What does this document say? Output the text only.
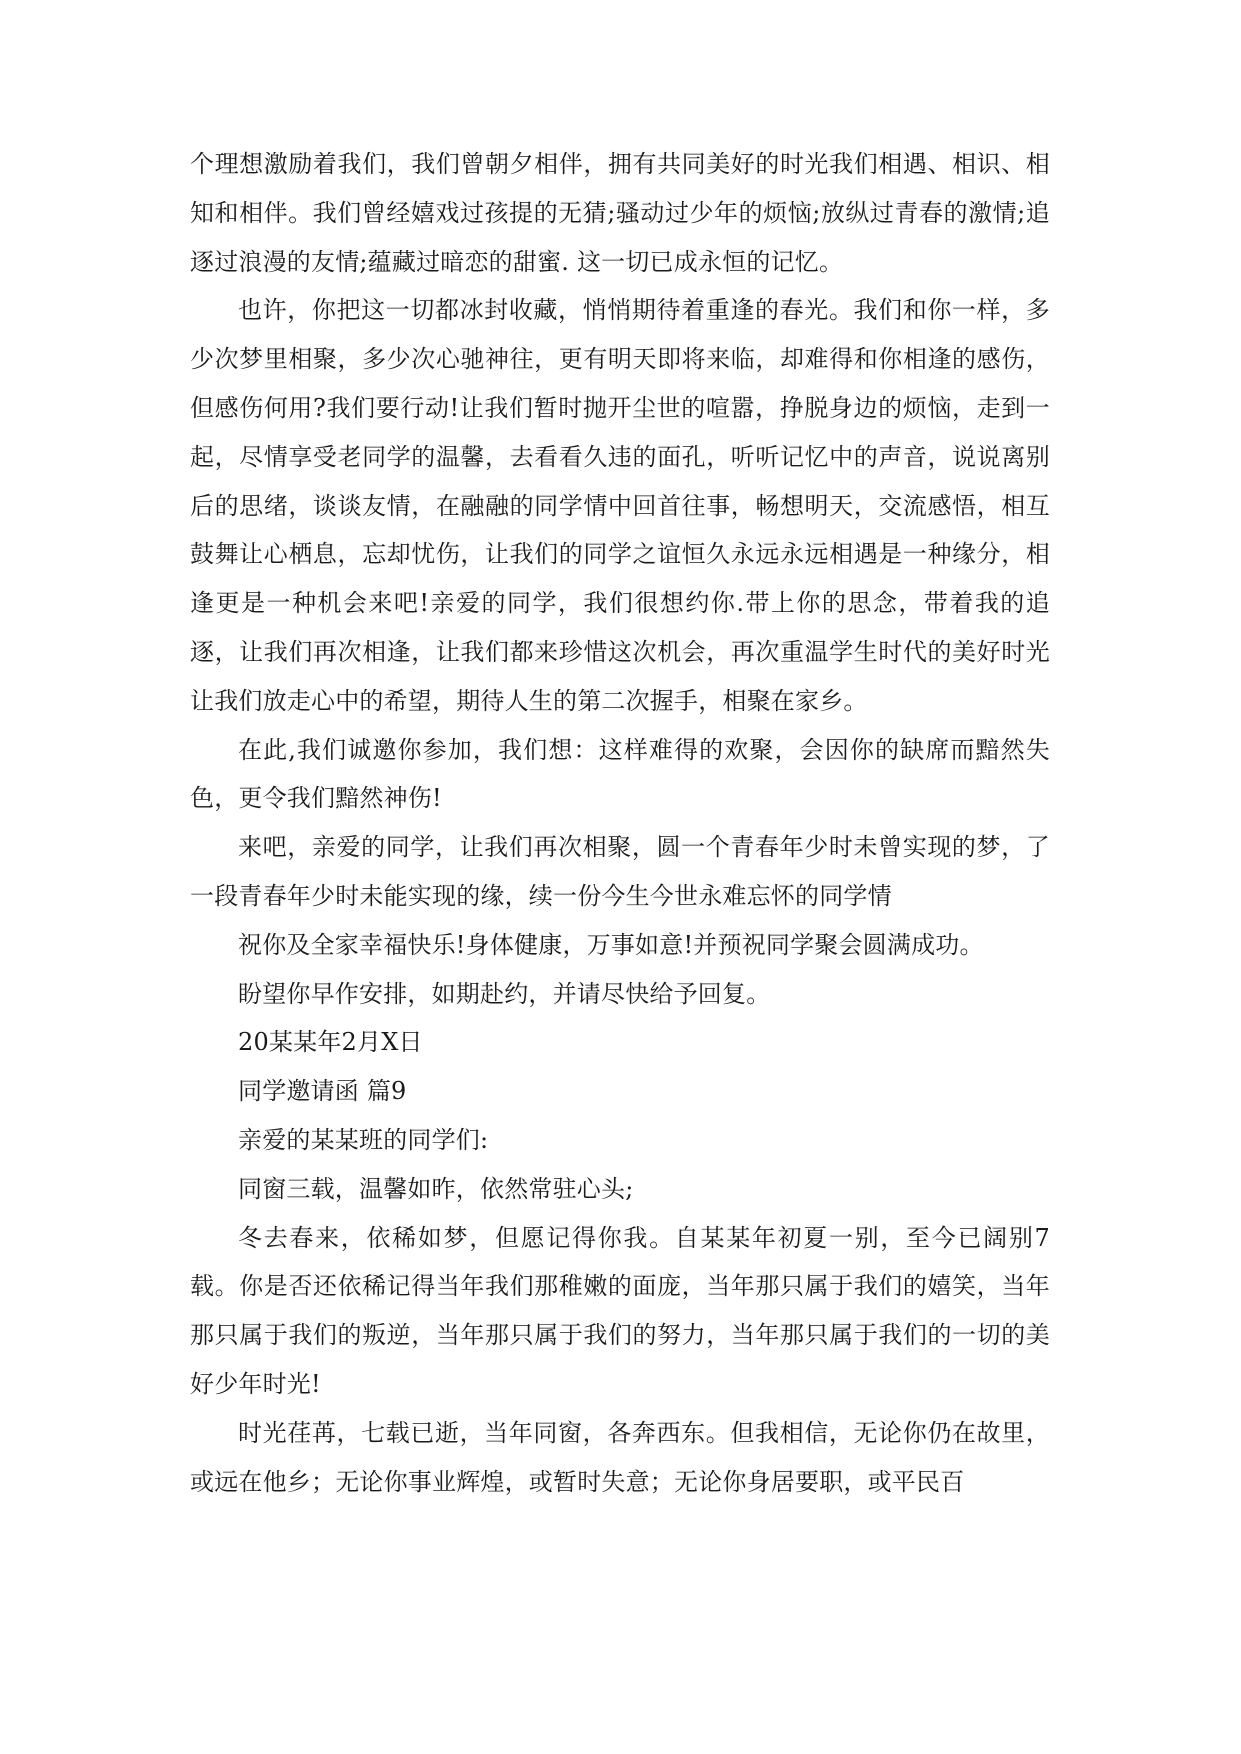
个理想激励着我们，我们曾朝夕相伴，拥有共同美好的时光我们相遇、相识、相知和相伴。我们曾经嬉戏过孩提的无猜;骚动过少年的烦恼;放纵过青春的激情;追逐过浪漫的友情;蕴藏过暗恋的甜蜜. 这一切已成永恒的记忆。

也许，你把这一切都冰封收藏，悄悄期待着重逢的春光。我们和你一样，多少次梦里相聚，多少次心驰神往，更有明天即将来临，却难得和你相逢的感伤，但感伤何用?我们要行动!让我们暂时抛开尘世的喧嚣，挣脱身边的烦恼，走到一起，尽情享受老同学的温馨，去看看久违的面孔，听听记忆中的声音，说说离别后的思绪，谈谈友情，在融融的同学情中回首往事，畅想明天，交流感悟，相互鼓舞让心栖息，忘却忧伤，让我们的同学之谊恒久永远永远相遇是一种缘分，相逢更是一种机会来吧!亲爱的同学，我们很想约你.带上你的思念，带着我的追逐，让我们再次相逢，让我们都来珍惜这次机会，再次重温学生时代的美好时光让我们放走心中的希望，期待人生的第二次握手，相聚在家乡。

在此,我们诚邀你参加，我们想：这样难得的欢聚，会因你的缺席而黯然失色，更令我们黯然神伤!

来吧，亲爱的同学，让我们再次相聚，圆一个青春年少时未曾实现的梦，了一段青春年少时未能实现的缘，续一份今生今世永难忘怀的同学情

祝你及全家幸福快乐!身体健康，万事如意!并预祝同学聚会圆满成功。

盼望你早作安排，如期赴约，并请尽快给予回复。

20某某年2月X日

同学邀请函 篇9

亲爱的某某班的同学们:

同窗三载，温馨如昨，依然常驻心头;

冬去春来，依稀如梦，但愿记得你我。自某某年初夏一别，至今已阔别7载。你是否还依稀记得当年我们那稚嫩的面庞，当年那只属于我们的嬉笑，当年那只属于我们的叛逆，当年那只属于我们的努力，当年那只属于我们的一切的美好少年时光!

时光荏苒，七载已逝，当年同窗，各奔西东。但我相信，无论你仍在故里，或远在他乡；无论你事业辉煌，或暂时失意；无论你身居要职，或平民百
